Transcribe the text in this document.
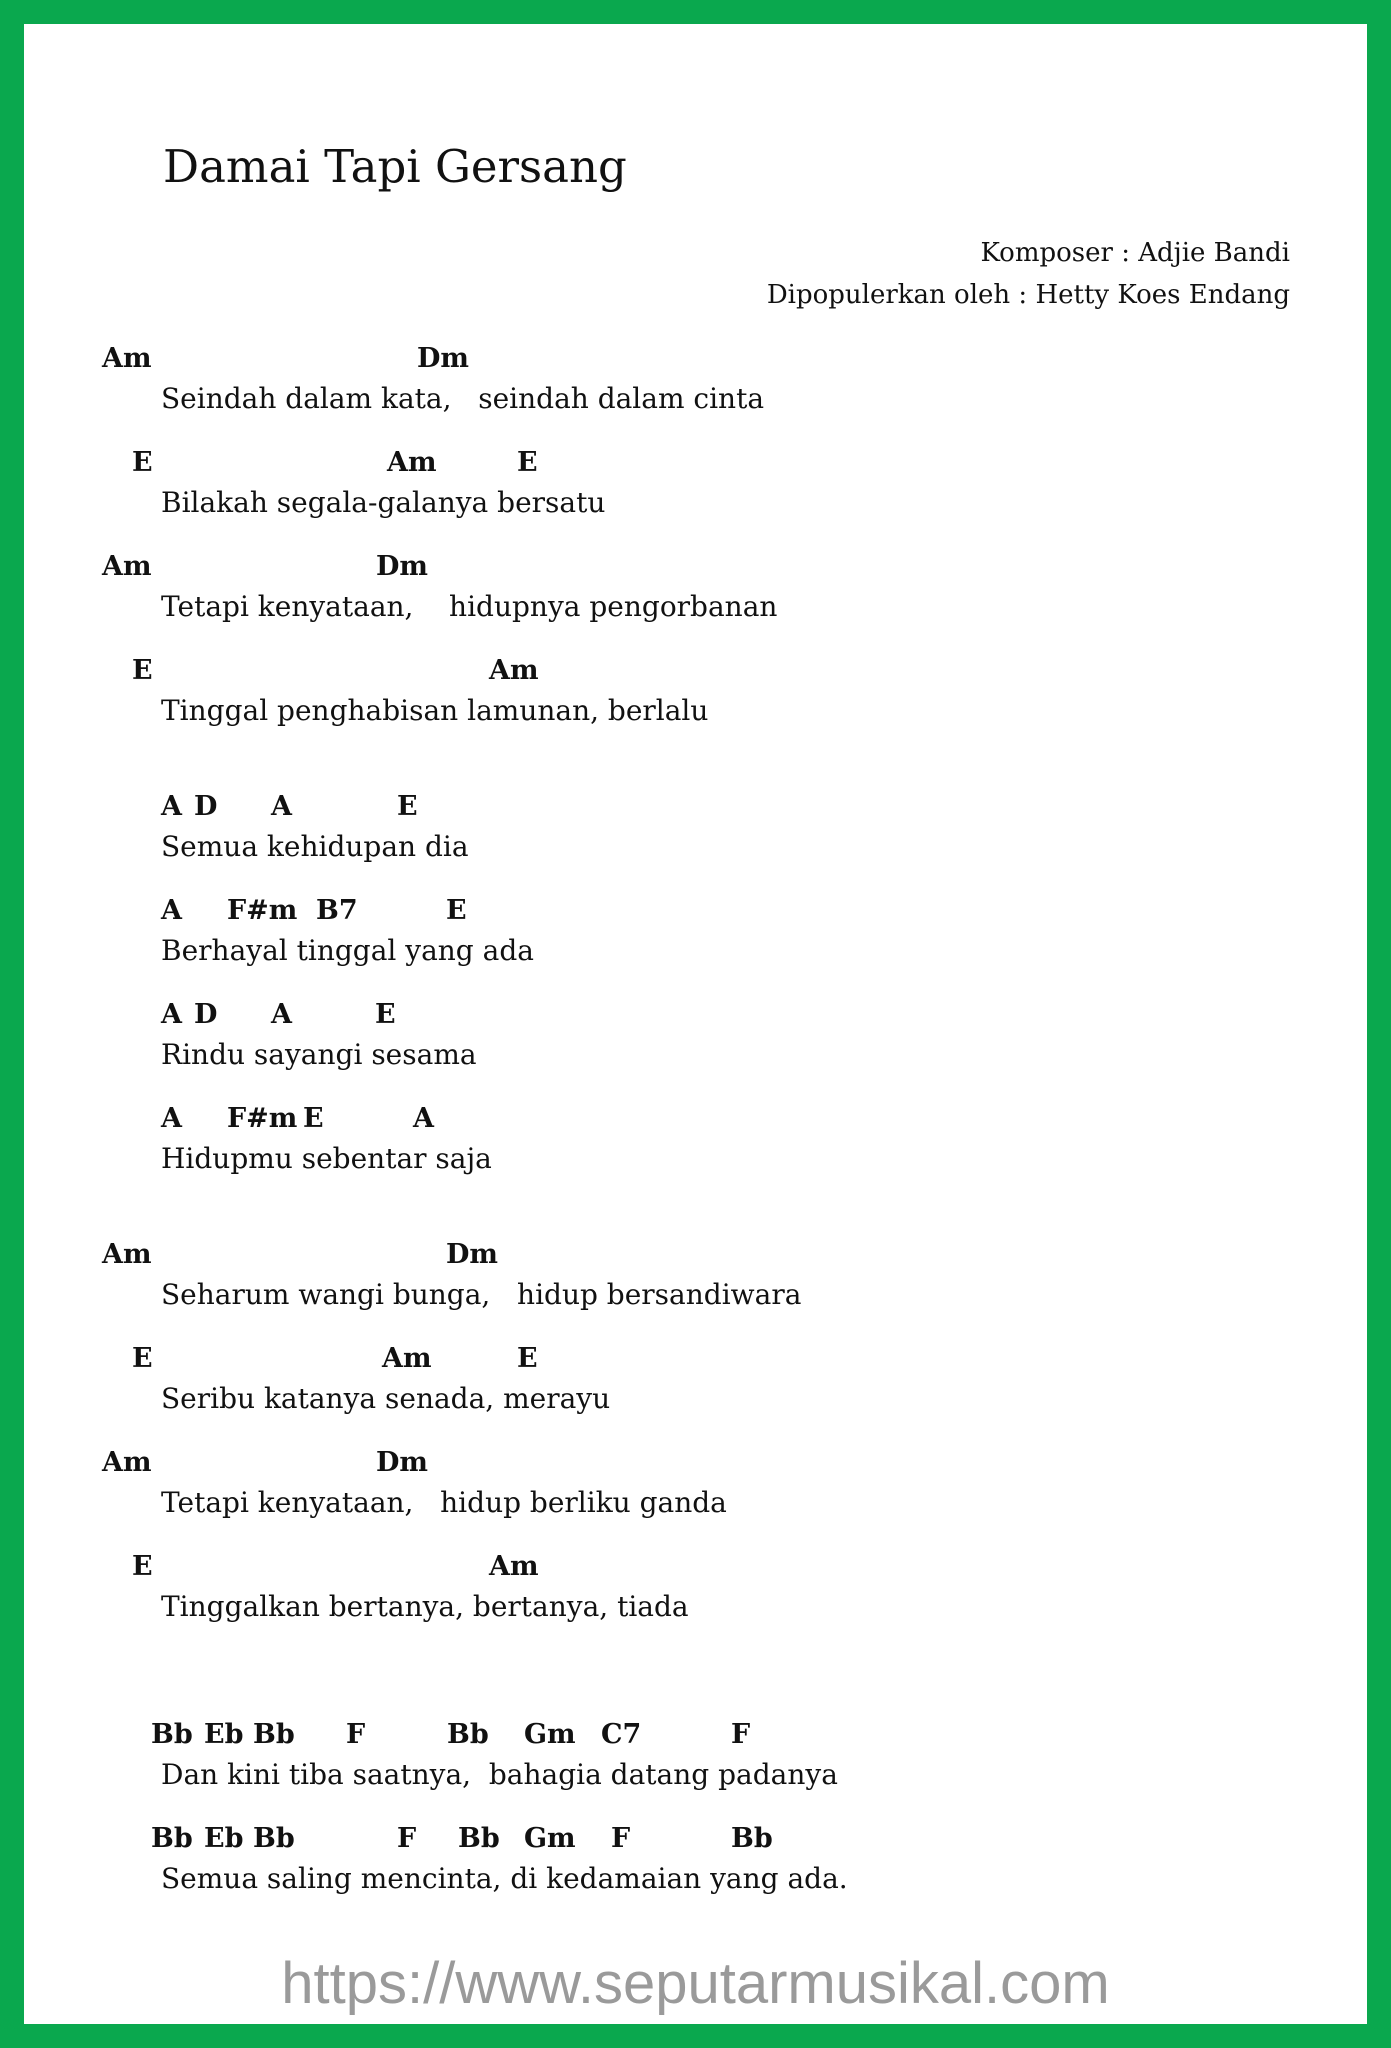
Damai Tapi Gersang
Komposer : Adjie Bandi
Dipopulerkan oleh : Hetty Koes Endang
Am	Dm
Seindah dalam kata,   seindah dalam cinta
E	Am	E
Bilakah segala-galanya bersatu
Am	Dm
Tetapi kenyataan,    hidupnya pengorbanan
E	Am
Tinggal penghabisan lamunan, berlalu
A D A	E
Semua kehidupan dia
A F#m B7	E
Berhayal tinggal yang ada
A D A	E
Rindu sayangi sesama
A F#m E	A
Hidupmu sebentar saja
Am	Dm
Seharum wangi bunga,   hidup bersandiwara
E	Am	E
Seribu katanya senada, merayu
Am	Dm
Tetapi kenyataan,   hidup berliku ganda
E	Am
Tinggalkan bertanya, bertanya, tiada
Bb Eb Bb F	Bb Gm C7	F
Dan kini tiba saatnya,  bahagia datang padanya
Bb Eb Bb	F Bb Gm F	Bb
Semua saling mencinta, di kedamaian yang ada.
https://www.seputarmusikal.com
